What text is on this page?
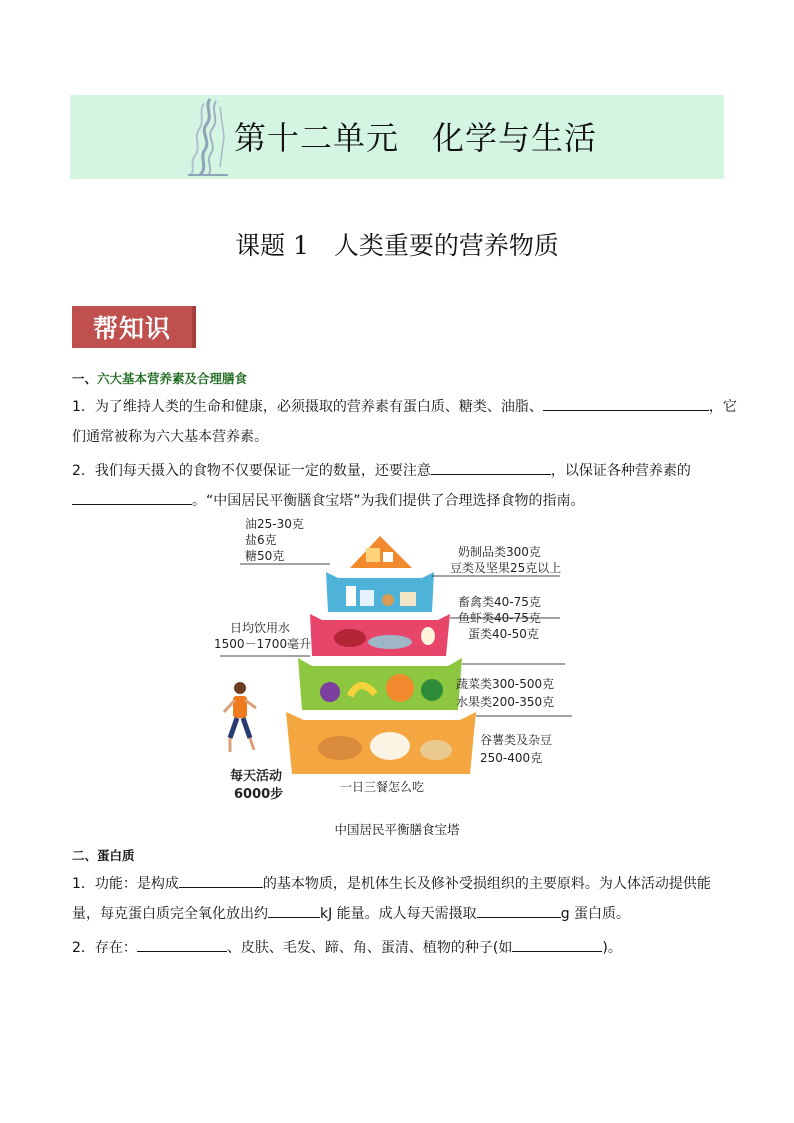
第十二单元　化学与生活
课题 1　人类重要的营养物质
帮知识
一、六大基本营养素及合理膳食
1．为了维持人类的生命和健康，必须摄取的营养素有蛋白质、糖类、油脂、	，它
们通常被称为六大基本营养素。
2．我们每天摄入的食物不仅要保证一定的数量，还要注意	，以保证各种营养素的
。“中国居民平衡膳食宝塔”为我们提供了合理选择食物的指南。
油25-30克
盐6克
糖50克	奶制品类300克
豆类及坚果25克以上
畜禽类40-75克
鱼虾类40-75克
蛋类40-50克
日均饮用水
1500－1700毫升
蔬菜类300-500克
水果类200-350克
谷薯类及杂豆
250-400克
每天活动
6000步	一日三餐怎么吃
中国居民平衡膳食宝塔
二、蛋白质
1．功能：是构成	的基本物质，是机体生长及修补受损组织的主要原料。为人体活动提供能
量，每克蛋白质完全氧化放出约	kJ 能量。成人每天需摄取	g 蛋白质。
2．存在：	、皮肤、毛发、蹄、角、蛋清、植物的种子(如	)。
